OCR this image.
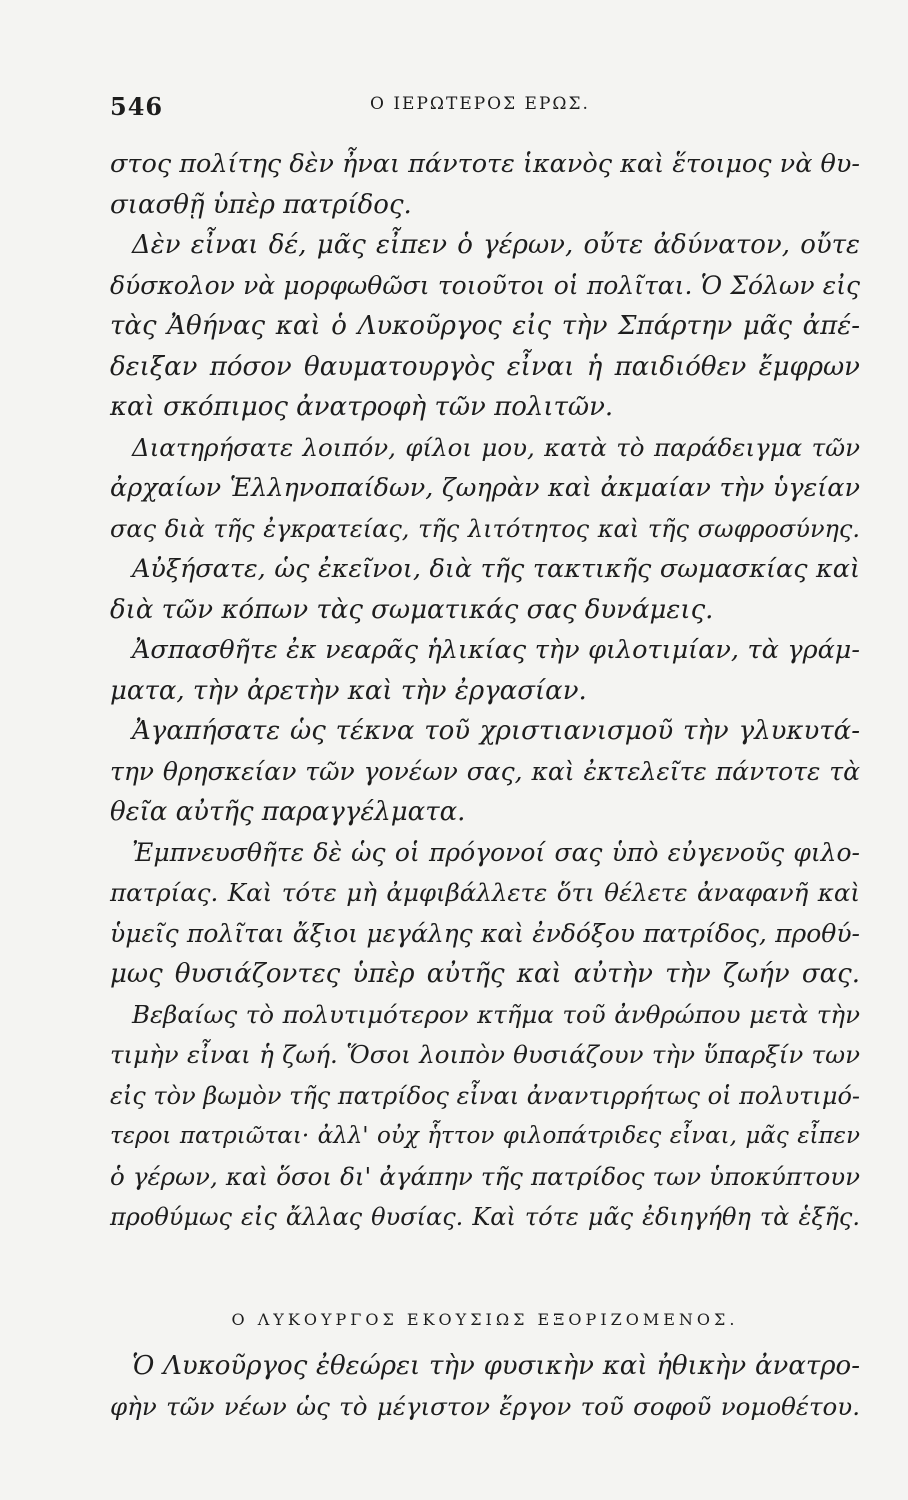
546	Ο ΙΕΡΩΤΕΡΟΣ ΕΡΩΣ.
στος πολίτης δὲν ἦναι πάντοτε ἱκανὸς καὶ ἕτοιμος νὰ θυ-
σιασθῇ ὑπὲρ πατρίδος.
Δὲν εἶναι δέ, μᾶς εἶπεν ὁ γέρων, οὔτε ἀδύνατον, οὔτε
δύσκολον νὰ μορφωθῶσι τοιοῦτοι οἱ πολῖται. Ὁ Σόλων εἰς
τὰς Ἀθήνας καὶ ὁ Λυκοῦργος εἰς τὴν Σπάρτην μᾶς ἀπέ-
δειξαν πόσον θαυματουργὸς εἶναι ἡ παιδιόθεν ἔμφρων
καὶ σκόπιμος ἀνατροφὴ τῶν πολιτῶν.
Διατηρήσατε λοιπόν, φίλοι μου, κατὰ τὸ παράδειγμα τῶν
ἀρχαίων Ἑλληνοπαίδων, ζωηρὰν καὶ ἀκμαίαν τὴν ὑγείαν
σας διὰ τῆς ἐγκρατείας, τῆς λιτότητος καὶ τῆς σωφροσύνης.
Αὐξήσατε, ὡς ἐκεῖνοι, διὰ τῆς τακτικῆς σωμασκίας καὶ
διὰ τῶν κόπων τὰς σωματικάς σας δυνάμεις.
Ἀσπασθῆτε ἐκ νεαρᾶς ἡλικίας τὴν φιλοτιμίαν, τὰ γράμ-
ματα, τὴν ἀρετὴν καὶ τὴν ἐργασίαν.
Ἀγαπήσατε ὡς τέκνα τοῦ χριστιανισμοῦ τὴν γλυκυτά-
την θρησκείαν τῶν γονέων σας, καὶ ἐκτελεῖτε πάντοτε τὰ
θεῖα αὐτῆς παραγγέλματα.
Ἐμπνευσθῆτε δὲ ὡς οἱ πρόγονοί σας ὑπὸ εὐγενοῦς φιλο-
πατρίας. Καὶ τότε μὴ ἀμφιβάλλετε ὅτι θέλετε ἀναφανῆ καὶ
ὑμεῖς πολῖται ἄξιοι μεγάλης καὶ ἐνδόξου πατρίδος, προθύ-
μως θυσιάζοντες ὑπὲρ αὐτῆς καὶ αὐτὴν τὴν ζωήν σας.
Βεβαίως τὸ πολυτιμότερον κτῆμα τοῦ ἀνθρώπου μετὰ τὴν
τιμὴν εἶναι ἡ ζωή. Ὅσοι λοιπὸν θυσιάζουν τὴν ὕπαρξίν των
εἰς τὸν βωμὸν τῆς πατρίδος εἶναι ἀναντιρρήτως οἱ πολυτιμό-
τεροι πατριῶται· ἀλλ' οὐχ ἧττον φιλοπάτριδες εἶναι, μᾶς εἶπεν
ὁ γέρων, καὶ ὅσοι δι' ἀγάπην τῆς πατρίδος των ὑποκύπτουν
προθύμως εἰς ἄλλας θυσίας. Καὶ τότε μᾶς ἐδιηγήθη τὰ ἑξῆς.
Ο ΛΥΚΟΥΡΓΟΣ ΕΚΟΥΣΙΩΣ ΕΞΟΡΙΖΟΜΕΝΟΣ.
Ὁ Λυκοῦργος ἐθεώρει τὴν φυσικὴν καὶ ἠθικὴν ἀνατρο-
φὴν τῶν νέων ὡς τὸ μέγιστον ἔργον τοῦ σοφοῦ νομοθέτου.
